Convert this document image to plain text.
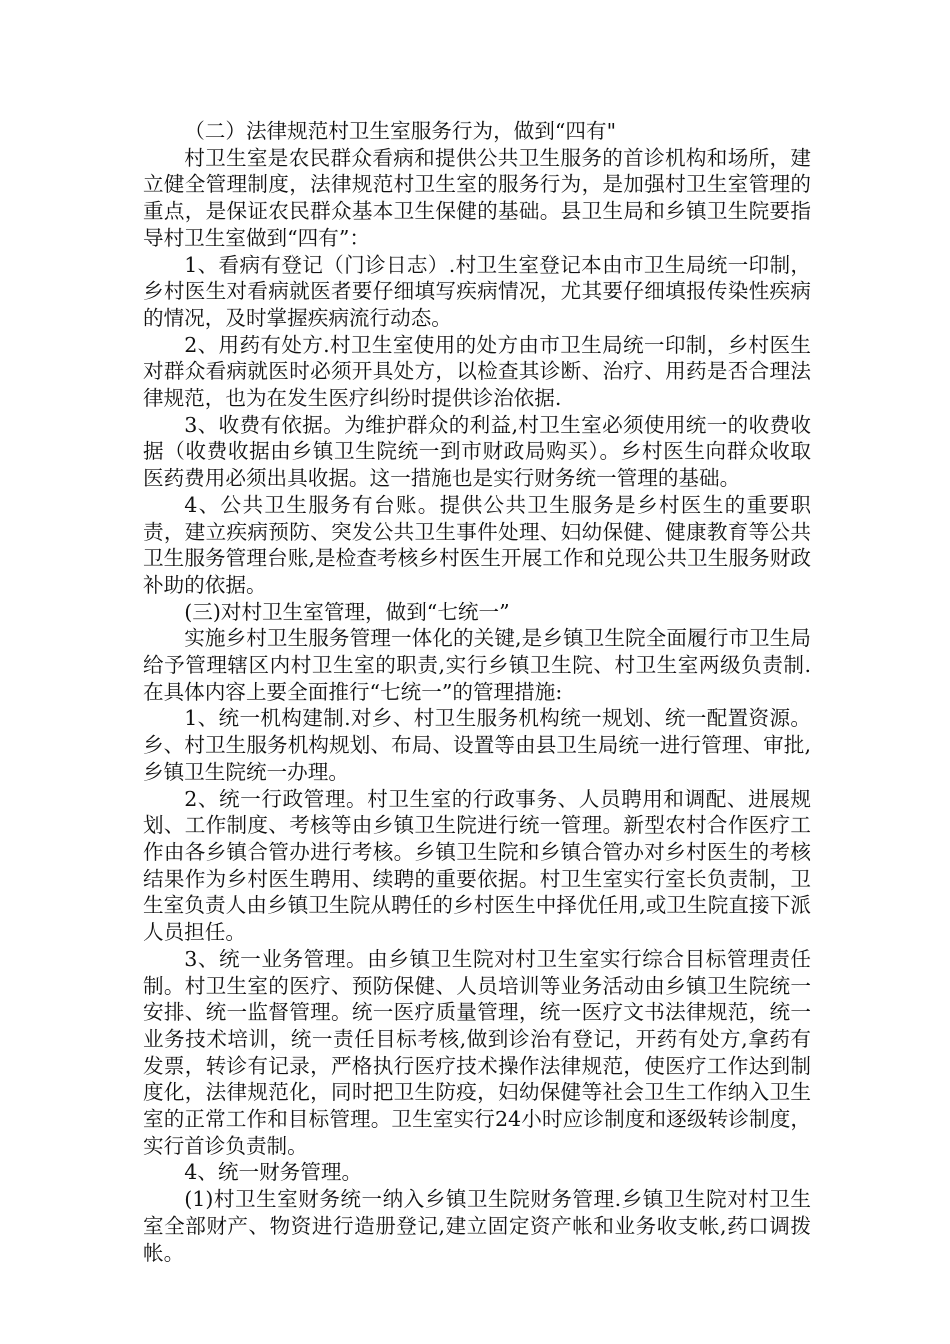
（二）法律规范村卫生室服务行为，做到“四有"

村卫生室是农民群众看病和提供公共卫生服务的首诊机构和场所，建立健全管理制度，法律规范村卫生室的服务行为，是加强村卫生室管理的重点，是保证农民群众基本卫生保健的基础。县卫生局和乡镇卫生院要指导村卫生室做到“四有”：

1、看病有登记（门诊日志）.村卫生室登记本由市卫生局统一印制，乡村医生对看病就医者要仔细填写疾病情况，尤其要仔细填报传染性疾病的情况，及时掌握疾病流行动态。

2、用药有处方.村卫生室使用的处方由市卫生局统一印制，乡村医生对群众看病就医时必须开具处方，以检查其诊断、治疗、用药是否合理法律规范，也为在发生医疗纠纷时提供诊治依据.

3、收费有依据。为维护群众的利益,村卫生室必须使用统一的收费收据（收费收据由乡镇卫生院统一到市财政局购买）。乡村医生向群众收取医药费用必须出具收据。这一措施也是实行财务统一管理的基础。

4、公共卫生服务有台账。提供公共卫生服务是乡村医生的重要职责，建立疾病预防、突发公共卫生事件处理、妇幼保健、健康教育等公共卫生服务管理台账,是检查考核乡村医生开展工作和兑现公共卫生服务财政补助的依据。

(三)对村卫生室管理，做到“七统一”

实施乡村卫生服务管理一体化的关键,是乡镇卫生院全面履行市卫生局给予管理辖区内村卫生室的职责,实行乡镇卫生院、村卫生室两级负责制.在具体内容上要全面推行“七统一”的管理措施:

1、统一机构建制.对乡、村卫生服务机构统一规划、统一配置资源。乡、村卫生服务机构规划、布局、设置等由县卫生局统一进行管理、审批,乡镇卫生院统一办理。

2、统一行政管理。村卫生室的行政事务、人员聘用和调配、进展规划、工作制度、考核等由乡镇卫生院进行统一管理。新型农村合作医疗工作由各乡镇合管办进行考核。乡镇卫生院和乡镇合管办对乡村医生的考核结果作为乡村医生聘用、续聘的重要依据。村卫生室实行室长负责制，卫生室负责人由乡镇卫生院从聘任的乡村医生中择优任用,或卫生院直接下派人员担任。

3、统一业务管理。由乡镇卫生院对村卫生室实行综合目标管理责任制。村卫生室的医疗、预防保健、人员培训等业务活动由乡镇卫生院统一安排、统一监督管理。统一医疗质量管理，统一医疗文书法律规范，统一业务技术培训，统一责任目标考核,做到诊治有登记，开药有处方,拿药有发票，转诊有记录，严格执行医疗技术操作法律规范，使医疗工作达到制度化，法律规范化，同时把卫生防疫，妇幼保健等社会卫生工作纳入卫生室的正常工作和目标管理。卫生室实行24小时应诊制度和逐级转诊制度，实行首诊负责制。

4、统一财务管理。

(1)村卫生室财务统一纳入乡镇卫生院财务管理.乡镇卫生院对村卫生室全部财产、物资进行造册登记,建立固定资产帐和业务收支帐,药口调拨帐。
